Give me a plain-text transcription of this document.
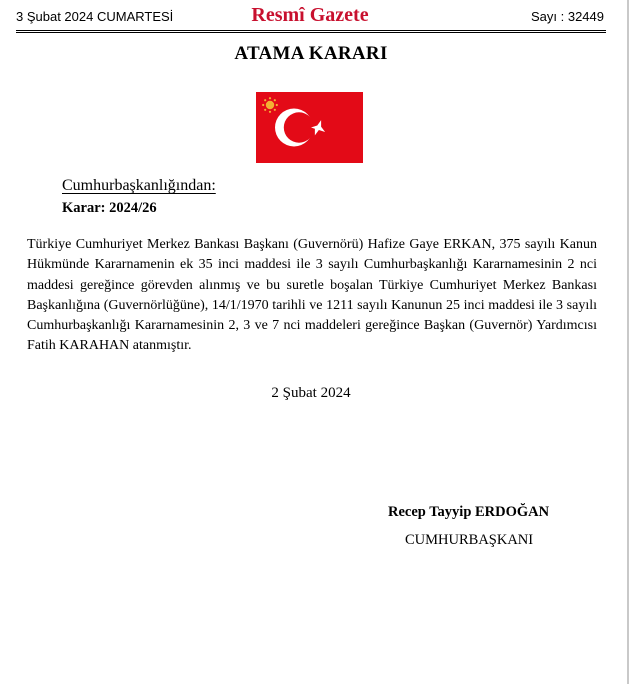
3 Şubat 2024 CUMARTESİ	Resmî Gazete	Sayı : 32449
ATAMA KARARI
Cumhurbaşkanlığından:
Karar: 2024/26
Türkiye Cumhuriyet Merkez Bankası Başkanı (Guvernörü) Hafize Gaye ERKAN, 375 sayılı Kanun Hükmünde Kararnamenin ek 35 inci maddesi ile 3 sayılı Cumhurbaşkanlığı Kararnamesinin 2 nci maddesi gereğince görevden alınmış ve bu suretle boşalan Türkiye Cumhuriyet Merkez Bankası Başkanlığına (Guvernörlüğüne), 14/1/1970 tarihli ve 1211 sayılı Kanunun 25 inci maddesi ile 3 sayılı Cumhurbaşkanlığı Kararnamesinin 2, 3 ve 7 nci maddeleri gereğince Başkan (Guvernör) Yardımcısı Fatih KARAHAN atanmıştır.
2 Şubat 2024
Recep Tayyip ERDOĞAN
CUMHURBAŞKANI
